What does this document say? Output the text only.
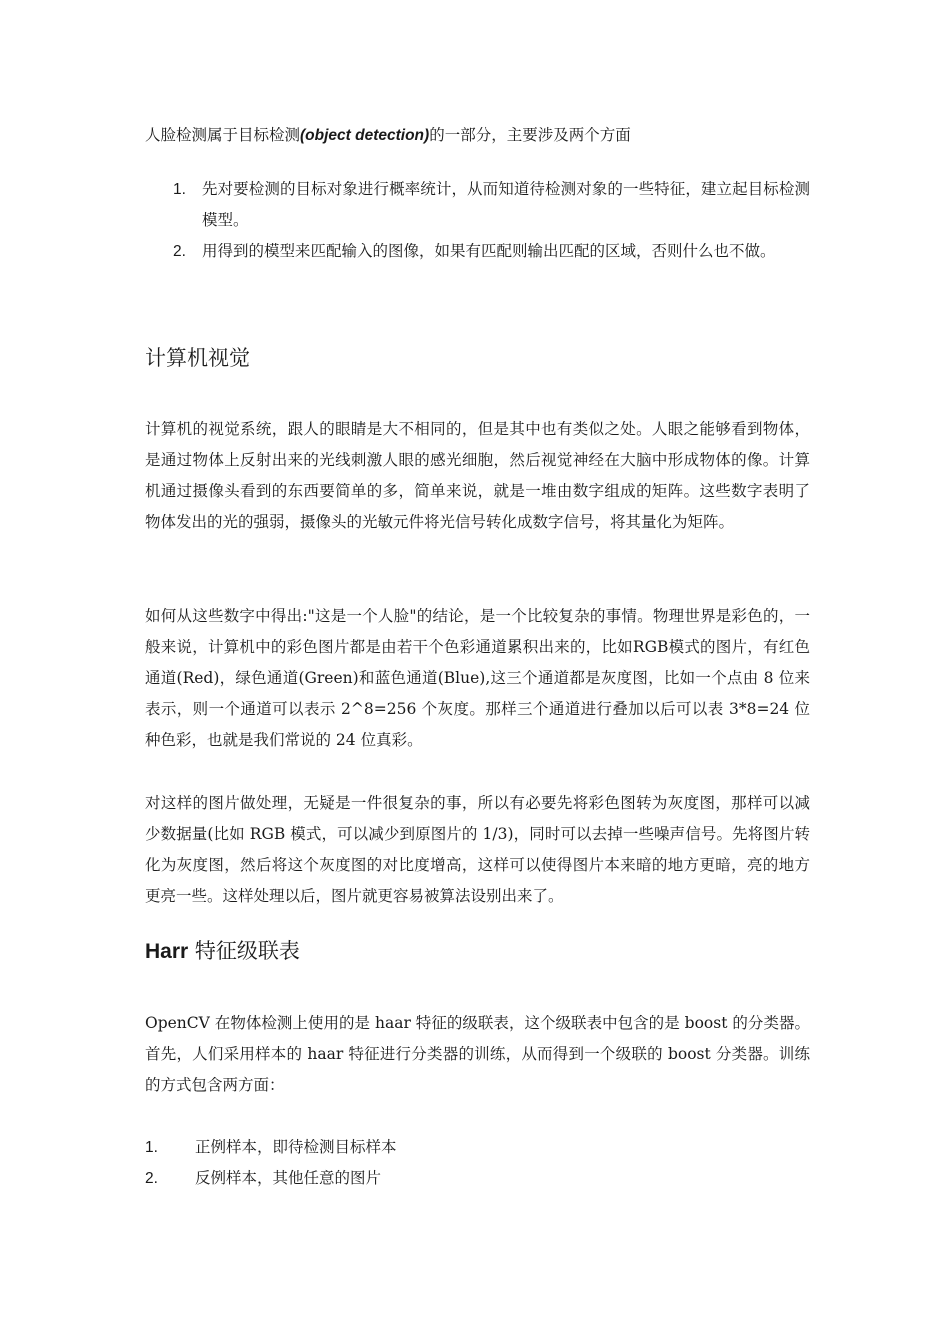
人脸检测属于目标检测(object detection)的一部分，主要涉及两个方面

1. 先对要检测的目标对象进行概率统计，从而知道待检测对象的一些特征，建立起目标检测模型。
2. 用得到的模型来匹配输入的图像，如果有匹配则输出匹配的区域，否则什么也不做。
计算机视觉

计算机的视觉系统，跟人的眼睛是大不相同的，但是其中也有类似之处。人眼之能够看到物体，是通过物体上反射出来的光线刺激人眼的感光细胞，然后视觉神经在大脑中形成物体的像。计算机通过摄像头看到的东西要简单的多，简单来说，就是一堆由数字组成的矩阵。这些数字表明了物体发出的光的强弱，摄像头的光敏元件将光信号转化成数字信号，将其量化为矩阵。

如何从这些数字中得出:"这是一个人脸"的结论，是一个比较复杂的事情。物理世界是彩色的，一般来说，计算机中的彩色图片都是由若干个色彩通道累积出来的，比如RGB模式的图片，有红色通道(Red)，绿色通道(Green)和蓝色通道(Blue),这三个通道都是灰度图，比如一个点由 8 位来表示，则一个通道可以表示 2^8=256 个灰度。那样三个通道进行叠加以后可以表 3*8=24 位种色彩，也就是我们常说的 24 位真彩。

对这样的图片做处理，无疑是一件很复杂的事，所以有必要先将彩色图转为灰度图，那样可以减少数据量(比如 RGB 模式，可以减少到原图片的 1/3)，同时可以去掉一些噪声信号。先将图片转化为灰度图，然后将这个灰度图的对比度增高，这样可以使得图片本来暗的地方更暗，亮的地方更亮一些。这样处理以后，图片就更容易被算法设别出来了。

Harr 特征级联表

OpenCV 在物体检测上使用的是 haar 特征的级联表，这个级联表中包含的是 boost 的分类器。首先，人们采用样本的 haar 特征进行分类器的训练，从而得到一个级联的 boost 分类器。训练的方式包含两方面：

1. 正例样本，即待检测目标样本
2. 反例样本，其他任意的图片
